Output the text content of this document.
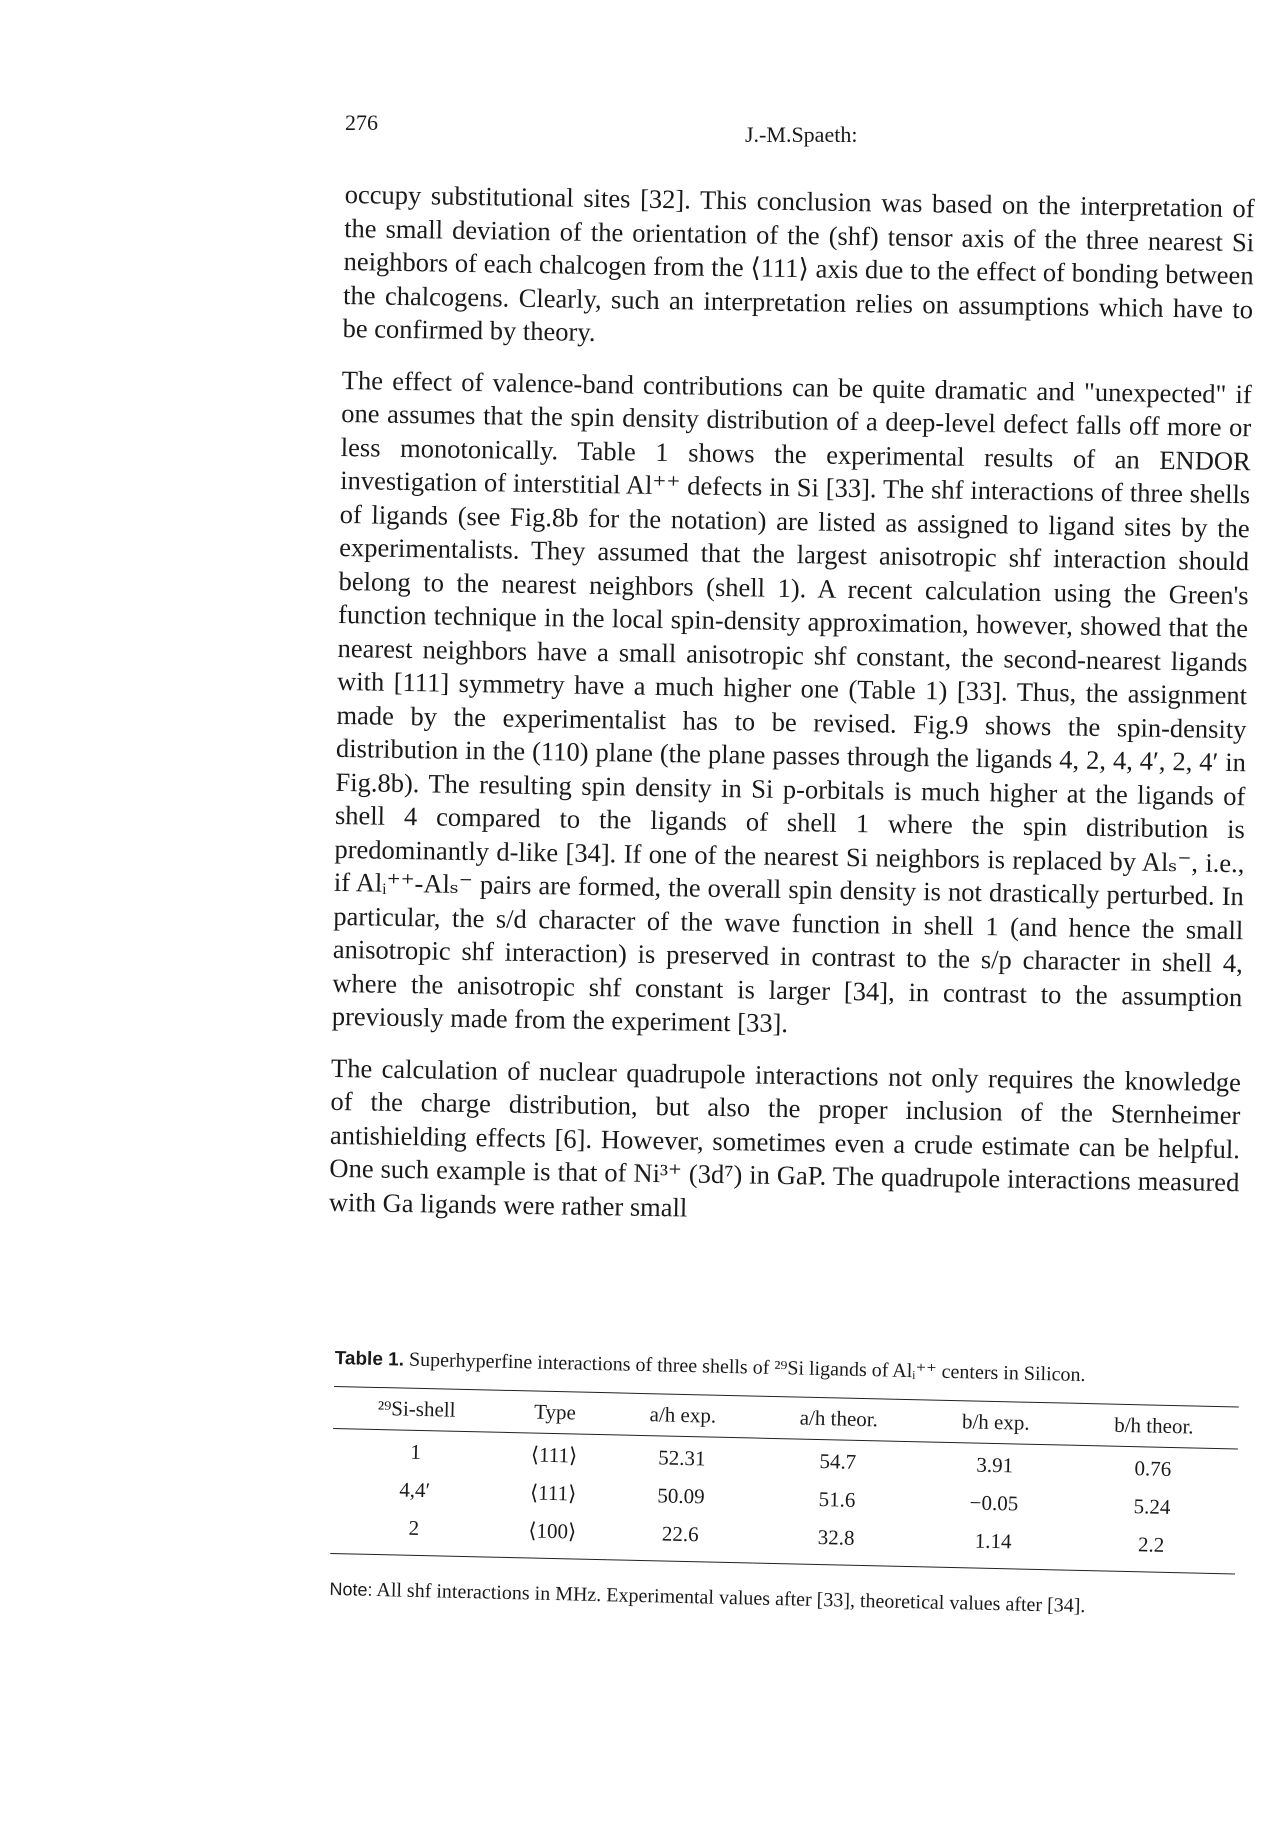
276	J.-M.Spaeth:

occupy substitutional sites [32]. This conclusion was based on the interpretation of the small deviation of the orientation of the (shf) tensor axis of the three nearest Si neighbors of each chalcogen from the ⟨111⟩ axis due to the effect of bonding between the chalcogens. Clearly, such an interpretation relies on assumptions which have to be confirmed by theory.

The effect of valence-band contributions can be quite dramatic and "unexpected" if one assumes that the spin density distribution of a deep-level defect falls off more or less monotonically. Table 1 shows the experimental results of an ENDOR investigation of interstitial Al⁺⁺ defects in Si [33]. The shf interactions of three shells of ligands (see Fig.8b for the notation) are listed as assigned to ligand sites by the experimentalists. They assumed that the largest anisotropic shf interaction should belong to the nearest neighbors (shell 1). A recent calculation using the Green's function technique in the local spin-density approximation, however, showed that the nearest neighbors have a small anisotropic shf constant, the second-nearest ligands with [111] symmetry have a much higher one (Table 1) [33]. Thus, the assignment made by the experimentalist has to be revised. Fig.9 shows the spin-density distribution in the (110) plane (the plane passes through the ligands 4, 2, 4, 4′, 2, 4′ in Fig.8b). The resulting spin density in Si p-orbitals is much higher at the ligands of shell 4 compared to the ligands of shell 1 where the spin distribution is predominantly d-like [34]. If one of the nearest Si neighbors is replaced by Alₛ⁻, i.e., if Alᵢ⁺⁺-Alₛ⁻ pairs are formed, the overall spin density is not drastically perturbed. In particular, the s/d character of the wave function in shell 1 (and hence the small anisotropic shf interaction) is preserved in contrast to the s/p character in shell 4, where the anisotropic shf constant is larger [34], in contrast to the assumption previously made from the experiment [33].

The calculation of nuclear quadrupole interactions not only requires the knowledge of the charge distribution, but also the proper inclusion of the Sternheimer antishielding effects [6]. However, sometimes even a crude estimate can be helpful. One such example is that of Ni³⁺ (3d⁷) in GaP. The quadrupole interactions measured with Ga ligands were rather small

Table 1. Superhyperfine interactions of three shells of ²⁹Si ligands of Alᵢ⁺⁺ centers in Silicon.
²⁹Si-shell	Type	a/h exp.	a/h theor.	b/h exp.	b/h theor.
1	⟨111⟩	52.31	54.7	3.91	0.76
4,4′	⟨111⟩	50.09	51.6	−0.05	5.24
2	⟨100⟩	22.6	32.8	1.14	2.2
Note: All shf interactions in MHz. Experimental values after [33], theoretical values after [34].
